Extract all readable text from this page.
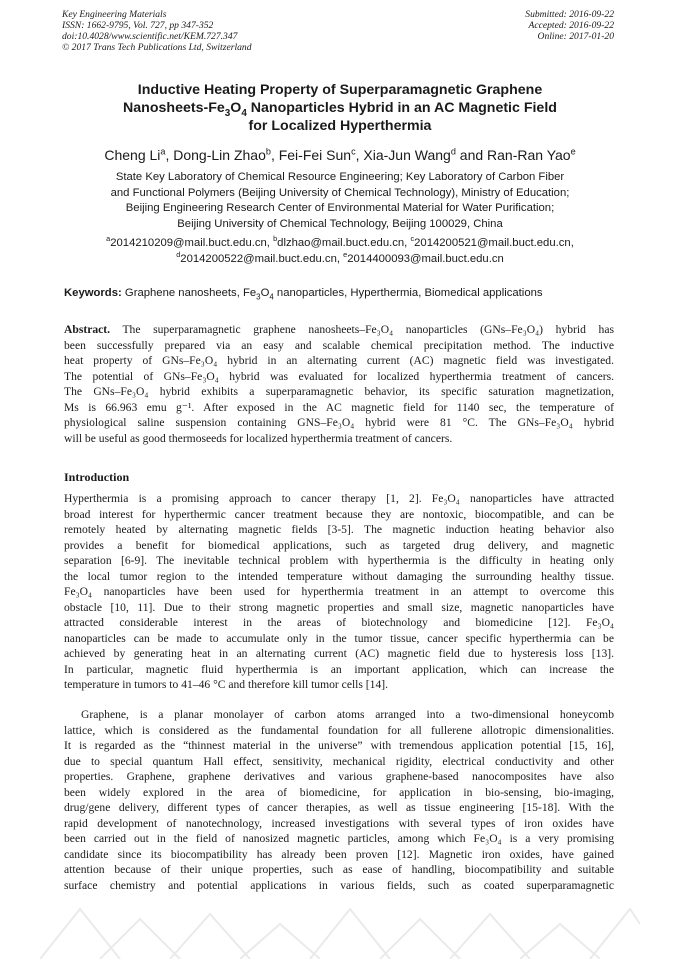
Key Engineering Materials
ISSN: 1662-9795, Vol. 727, pp 347-352
doi:10.4028/www.scientific.net/KEM.727.347
© 2017 Trans Tech Publications Ltd, Switzerland
Submitted: 2016-09-22
Accepted: 2016-09-22
Online: 2017-01-20
Inductive Heating Property of Superparamagnetic Graphene
Nanosheets-$Fe_3O_4$ Nanoparticles Hybrid in an AC Magnetic Field
for Localized Hyperthermia
Cheng Li$^a$, Dong-Lin Zhao$^b$, Fei-Fei Sun$^c$, Xia-Jun Wang$^d$ and Ran-Ran Yao$^e$
State Key Laboratory of Chemical Resource Engineering; Key Laboratory of Carbon Fiber
and Functional Polymers (Beijing University of Chemical Technology), Ministry of Education;
Beijing Engineering Research Center of Environmental Material for Water Purification;
Beijing University of Chemical Technology, Beijing 100029, China
$^a$2014210209@mail.buct.edu.cn, $^b$dlzhao@mail.buct.edu.cn, $^c$2014200521@mail.buct.edu.cn,
$^d$2014200522@mail.buct.edu.cn, $^e$2014400093@mail.buct.edu.cn
Keywords: Graphene nanosheets, $Fe_3O_4$ nanoparticles, Hyperthermia, Biomedical applications
Abstract. The superparamagnetic graphene nanosheets–Fe₃O₄ nanoparticles (GNs–Fe₃O₄) hybrid has
been successfully prepared via an easy and scalable chemical precipitation method. The inductive
heat property of GNs–Fe₃O₄ hybrid in an alternating current (AC) magnetic field was investigated.
The potential of GNs–Fe₃O₄ hybrid was evaluated for localized hyperthermia treatment of cancers.
The GNs–Fe₃O₄ hybrid exhibits a superparamagnetic behavior, its specific saturation magnetization,
Ms is 66.963 emu g⁻¹. After exposed in the AC magnetic field for 1140 sec, the temperature of
physiological saline suspension containing GNS–Fe₃O₄ hybrid were 81 °C. The GNs–Fe₃O₄ hybrid
will be useful as good thermoseeds for localized hyperthermia treatment of cancers.
Introduction
Hyperthermia is a promising approach to cancer therapy [1, 2]. Fe₃O₄ nanoparticles have attracted
broad interest for hyperthermic cancer treatment because they are nontoxic, biocompatible, and can be
remotely heated by alternating magnetic fields [3-5]. The magnetic induction heating behavior also
provides a benefit for biomedical applications, such as targeted drug delivery, and magnetic
separation [6-9]. The inevitable technical problem with hyperthermia is the difficulty in heating only
the local tumor region to the intended temperature without damaging the surrounding healthy tissue.
Fe₃O₄ nanoparticles have been used for hyperthermia treatment in an attempt to overcome this
obstacle [10, 11]. Due to their strong magnetic properties and small size, magnetic nanoparticles have
attracted considerable interest in the areas of biotechnology and biomedicine [12]. Fe₃O₄
nanoparticles can be made to accumulate only in the tumor tissue, cancer specific hyperthermia can be
achieved by generating heat in an alternating current (AC) magnetic field due to hysteresis loss [13].
In particular, magnetic fluid hyperthermia is an important application, which can increase the
temperature in tumors to 41–46 °C and therefore kill tumor cells [14].
Graphene, is a planar monolayer of carbon atoms arranged into a two-dimensional honeycomb
lattice, which is considered as the fundamental foundation for all fullerene allotropic dimensionalities.
It is regarded as the “thinnest material in the universe” with tremendous application potential [15, 16],
due to special quantum Hall effect, sensitivity, mechanical rigidity, electrical conductivity and other
properties. Graphene, graphene derivatives and various graphene-based nanocomposites have also
been widely explored in the area of biomedicine, for application in bio-sensing, bio-imaging,
drug/gene delivery, different types of cancer therapies, as well as tissue engineering [15-18]. With the
rapid development of nanotechnology, increased investigations with several types of iron oxides have
been carried out in the field of nanosized magnetic particles, among which Fe₃O₄ is a very promising
candidate since its biocompatibility has already been proven [12]. Magnetic iron oxides, have gained
attention because of their unique properties, such as ease of handling, biocompatibility and suitable
surface chemistry and potential applications in various fields, such as coated superparamagnetic
